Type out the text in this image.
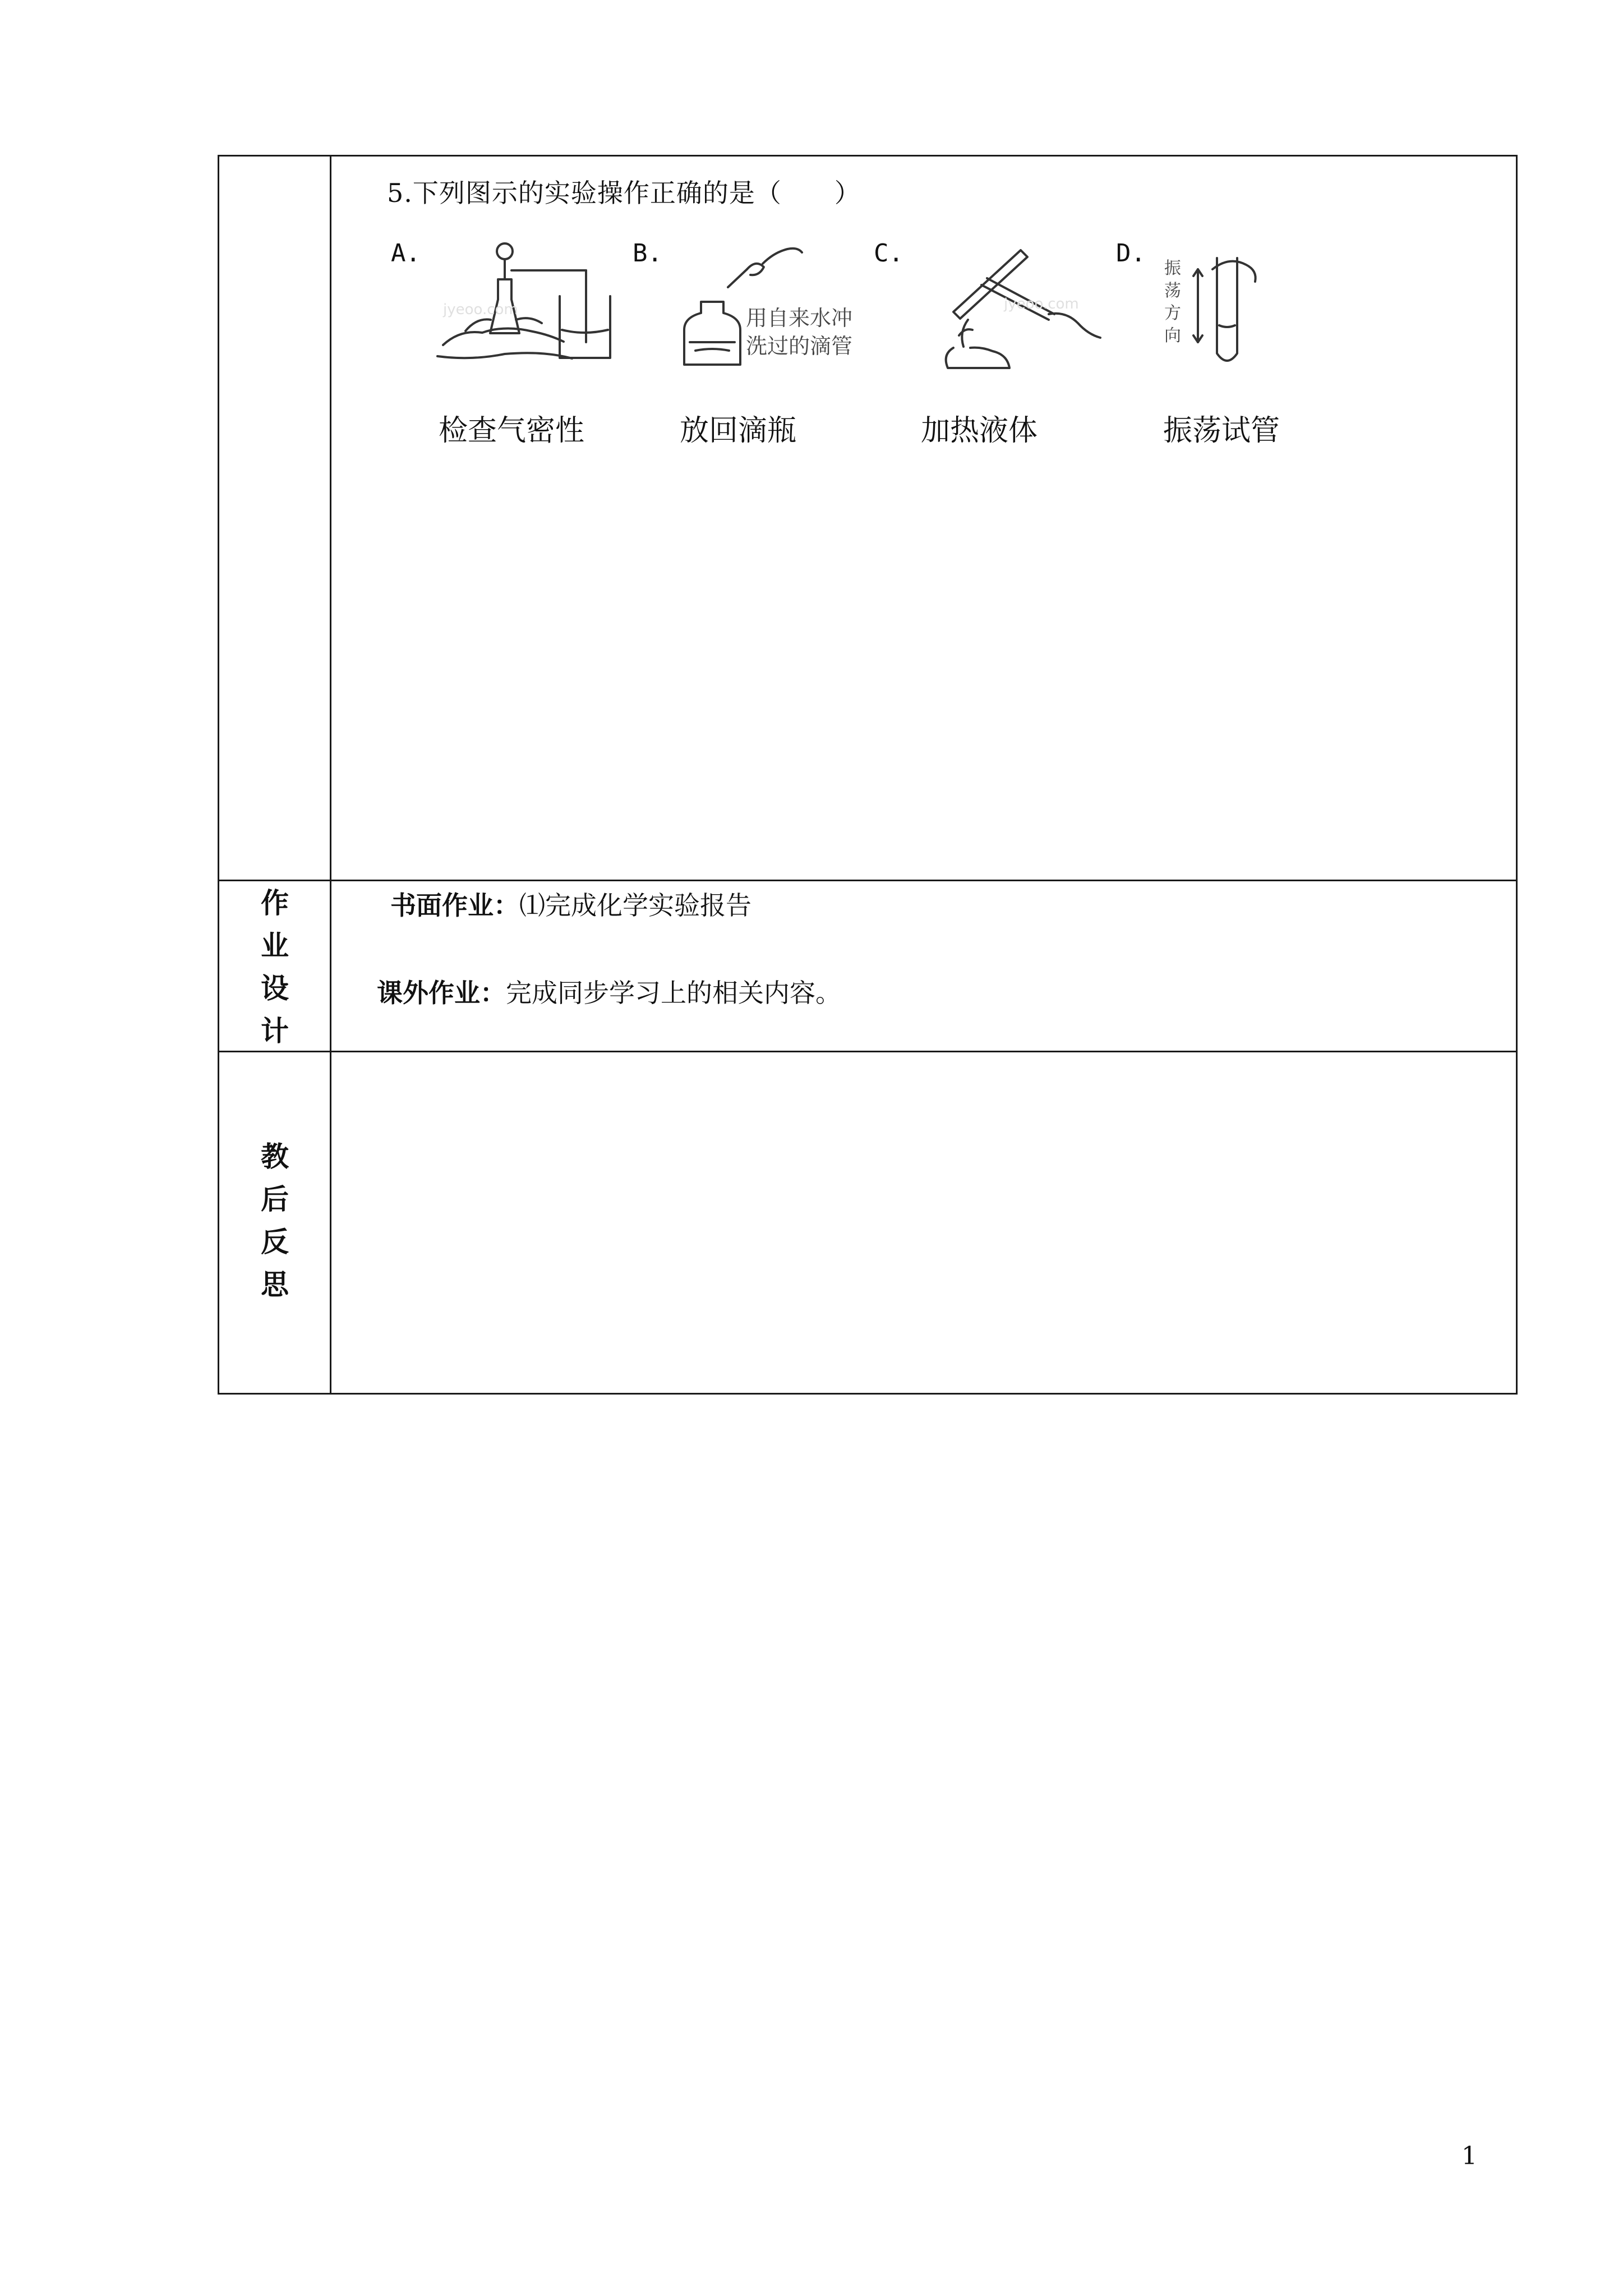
5.下列图示的实验操作正确的是（　　）
A.	B.	C.	D.
jyeoo.com	用自来水冲
洗过的滴管
jyeoo.com
振
荡
方
向
检查气密性	放回滴瓶	加热液体	振荡试管
作
业
设
计
书面作业：⑴完成化学实验报告
课外作业：完成同步学习上的相关内容。
教
后
反
思
1
